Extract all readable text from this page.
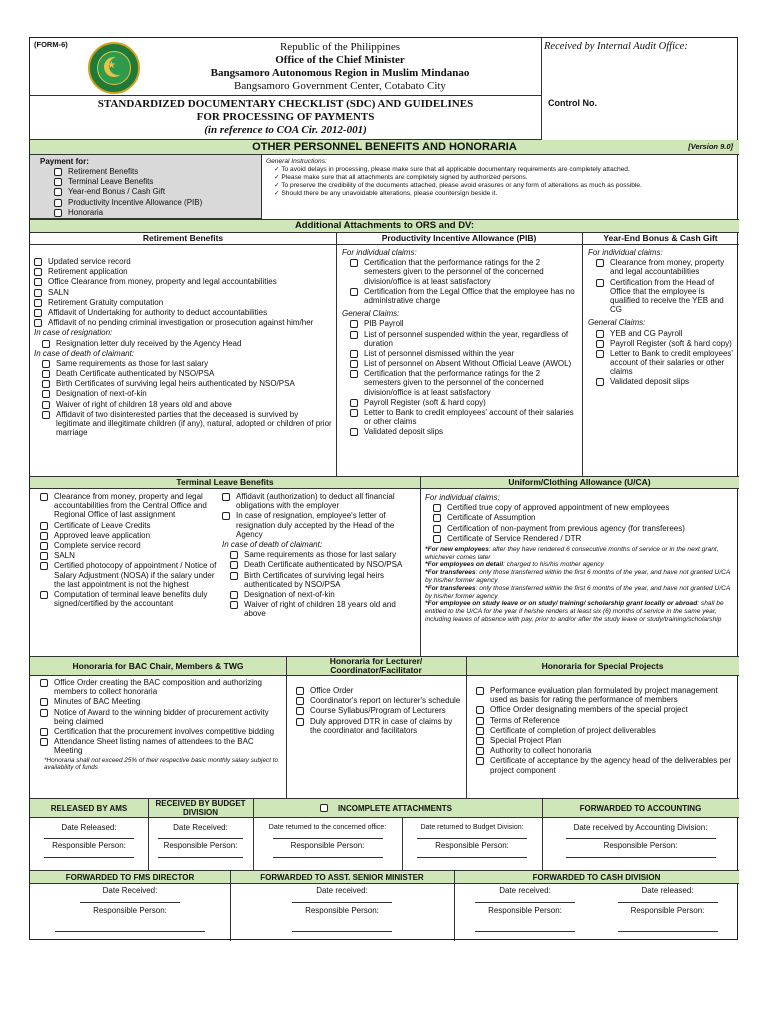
(FORM-6)
★
Republic of the Philippines
Office of the Chief Minister
Bangsamoro Autonomous Region in Muslim Mindanao
Bangsamoro Government Center, Cotabato City
Received by Internal Audit Office:
STANDARDIZED DOCUMENTARY CHECKLIST (SDC) AND GUIDELINES
FOR PROCESSING OF PAYMENTS
(in reference to COA Cir. 2012-001)
Control No.
OTHER PERSONNEL BENEFITS AND HONORARIA	[Version 9.0]
Payment for:
Retirement Benefits
Terminal Leave Benefits
Year-end Bonus / Cash Gift
Productivity Incentive Allowance (PIB)
Honoraria
General Instructions:
✓ To avoid delays in processing, please make sure that all applicable documentary requirements are completely attached.
✓ Please make sure that all attachments are completely signed by authorized persons.
✓ To preserve the credibility of the documents attached, please avoid erasures or any form of alterations as much as possible.
✓ Should there be any unavoidable alterations, please countersign beside it.
Additional Attachments to ORS and DV:
Retirement Benefits	Productivity Incentive Allowance (PIB)	Year-End Bonus & Cash Gift
Updated service record
Retirement application
Office Clearance from money, property and legal accountabilities
SALN
Retirement Gratuity computation
Affidavit of Undertaking for authority to deduct accountabilities
Affidavit of no pending criminal investigation or prosecution against him/her
In case of resignation:
Resignation letter duly received by the Agency Head
In case of death of claimant:
Same requirements as those for last salary
Death Certificate authenticated by NSO/PSA
Birth Certificates of surviving legal heirs authenticated by NSO/PSA
Designation of next-of-kin
Waiver of right of children 18 years old and above
Affidavit of two disinterested parties that the deceased is survived by legitimate and illegitimate children (if any), natural, adopted or children of prior marriage
For individual claims:
Certification that the performance ratings for the 2 semesters given to the personnel of the concerned division/office is at least satisfactory
Certification from the Legal Office that the employee has no administrative charge
General Claims:
PIB Payroll
List of personnel suspended within the year, regardless of duration
List of personnel dismissed within the year
List of personnel on Absent Without Official Leave (AWOL)
Certification that the performance ratings for the 2 semesters given to the personnel of the concerned division/office is at least satisfactory
Payroll Register (soft & hard copy)
Letter to Bank to credit employees' account of their salaries or other claims
Validated deposit slips
For individual claims:
Clearance from money, property and legal accountabilities
Certification from the Head of Office that the employee is qualified to receive the YEB and CG
General Claims:
YEB and CG Payroll
Payroll Register (soft & hard copy)
Letter to Bank to credit employees' account of their salaries or other claims
Validated deposit slips
Terminal Leave Benefits	Uniform/Clothing Allowance (U/CA)
Clearance from money, property and legal accountabilities from the Central Office and Regional Office of last assignment
Certificate of Leave Credits
Approved leave application
Complete service record
SALN
Certified photocopy of appointment / Notice of Salary Adjustment (NOSA) if the salary under the last appointment is not the highest
Computation of terminal leave benefits duly signed/certified by the accountant
Affidavit (authorization) to deduct all financial obligations with the employer
In case of resignation, employee's letter of resignation duly accepted by the Head of the Agency
In case of death of claimant:
Same requirements as those for last salary
Death Certificate authenticated by NSO/PSA
Birth Certificates of surviving legal heirs authenticated by NSO/PSA
Designation of next-of-kin
Waiver of right of children 18 years old and above
For individual claims:
Certified true copy of approved appointment of new employees
Certificate of Assumption
Certification of non-payment from previous agency (for transferees)
Certificate of Service Rendered / DTR
*For new employees: after they have rendered 6 consecutive months of service or in the next grant, whichever comes later
*For employees on detail: charged to his/his mother agency
*For transferees: only those transferred within the first 6 months of the year, and have not granted U/CA by his/her former agency
*For transferees: only those transferred within the first 6 months of the year, and have not granted U/CA by his/her former agency
*For employee on study leave or on study/ training/ scholarship grant locally or abroad: shall be entitled to the U/CA for the year if he/she renders at least six (6) months of service in the same year, including leaves of absence with pay, prior to and/or after the study leave or study/training/scholarship
Honoraria for BAC Chair, Members & TWG	Honoraria for Lecturer/ Coordinator/Facilitator	Honoraria for Special Projects
Office Order creating the BAC composition and authorizing members to collect honoraria
Minutes of BAC Meeting
Notice of Award to the winning bidder of procurement activity being claimed
Certification that the procurement involves competitive bidding
Attendance Sheet listing names of attendees to the BAC Meeting
*Honoraria shall not exceed 25% of their respective basic monthly salary subject to availability of funds
Office Order
Coordinator's report on lecturer's schedule
Course Syllabus/Program of Lecturers
Duly approved DTR in case of claims by the coordinator and facilitators
Performance evaluation plan formulated by project management used as basis for rating the performance of members
Office Order designating members of the special project
Terms of Reference
Certificate of completion of project deliverables
Special Project Plan
Authority to collect honoraria
Certificate of acceptance by the agency head of the deliverables per project component
RELEASED BY AMS
RECEIVED BY BUDGET DIVISION	INCOMPLETE ATTACHMENTS	FORWARDED TO ACCOUNTING
Date Released:
Responsible Person:
Date Received:
Responsible Person:
Date returned to the concerned office:
Responsible Person:
Date returned to Budget Division:
Responsible Person:
Date received by Accounting Division:
Responsible Person:
FORWARDED TO FMS DIRECTOR	FORWARDED TO ASST. SENIOR MINISTER	FORWARDED TO CASH DIVISION
Date Received:
Responsible Person:
Date received:
Responsible Person:
Date received:
Responsible Person:
Date released:
Responsible Person:
